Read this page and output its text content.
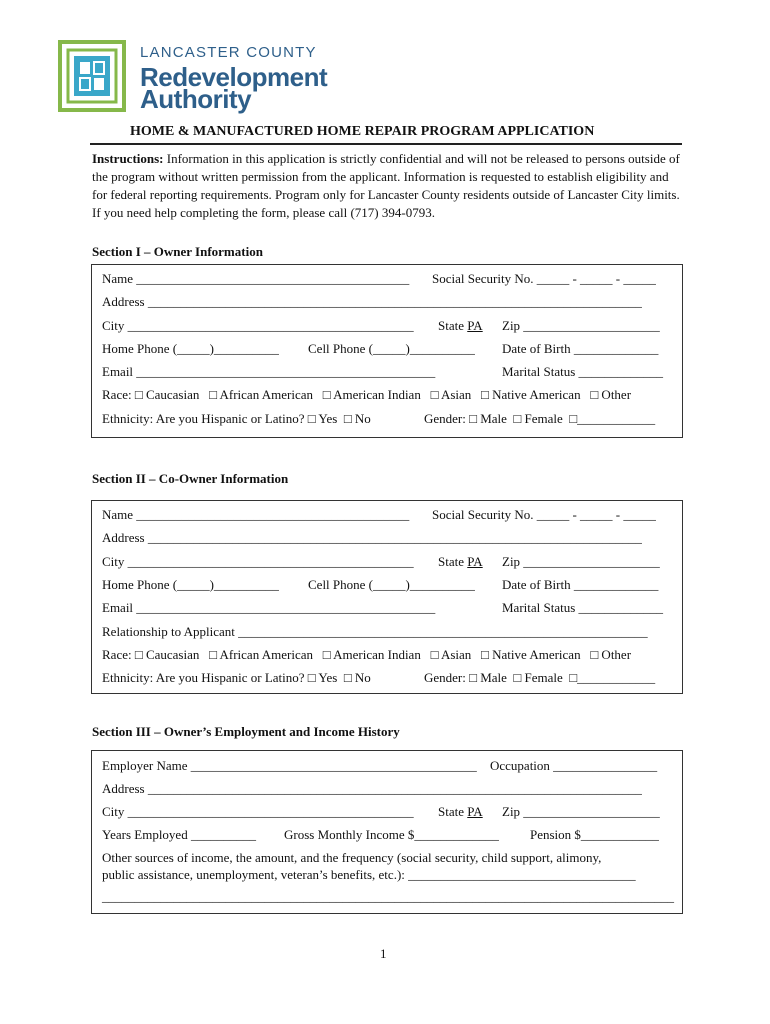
LANCASTER COUNTY
Redevelopment
Authority
HOME & MANUFACTURED HOME REPAIR PROGRAM APPLICATION
Instructions: Information in this application is strictly confidential and will not be released to persons outside of the program without written permission from the applicant. Information is requested to establish eligibility and for federal reporting requirements. Program only for Lancaster County residents outside of Lancaster City limits. If you need help completing the form, please call (717) 394-0793.
Section I – Owner Information
Name __________________________________________ Social Security No. _____ - _____ - _____
Address ____________________________________________________________________________
City ____________________________________________ State PA Zip _____________________
Home Phone (_____)__________ Cell Phone (_____)__________ Date of Birth _____________
Email ______________________________________________	Marital Status _____________
Race: □ Caucasian   □ African American   □ American Indian   □ Asian   □ Native American   □ Other
Ethnicity: Are you Hispanic or Latino? □ Yes  □ No	Gender: □ Male  □ Female  □____________
Section II – Co-Owner Information
Name __________________________________________ Social Security No. _____ - _____ - _____
Address ____________________________________________________________________________
City ____________________________________________ State PA Zip _____________________
Home Phone (_____)__________ Cell Phone (_____)__________ Date of Birth _____________
Email ______________________________________________	Marital Status _____________
Relationship to Applicant _______________________________________________________________
Race: □ Caucasian   □ African American   □ American Indian   □ Asian   □ Native American   □ Other
Ethnicity: Are you Hispanic or Latino? □ Yes  □ No	Gender: □ Male  □ Female  □____________
Section III – Owner’s Employment and Income History
Employer Name ____________________________________________ Occupation ________________
Address ____________________________________________________________________________
City ____________________________________________ State PA Zip _____________________
Years Employed __________ Gross Monthly Income $_____________ Pension $____________
Other sources of income, the amount, and the frequency (social security, child support, alimony,
public assistance, unemployment, veteran’s benefits, etc.): ___________________________________
________________________________________________________________________________________
1
